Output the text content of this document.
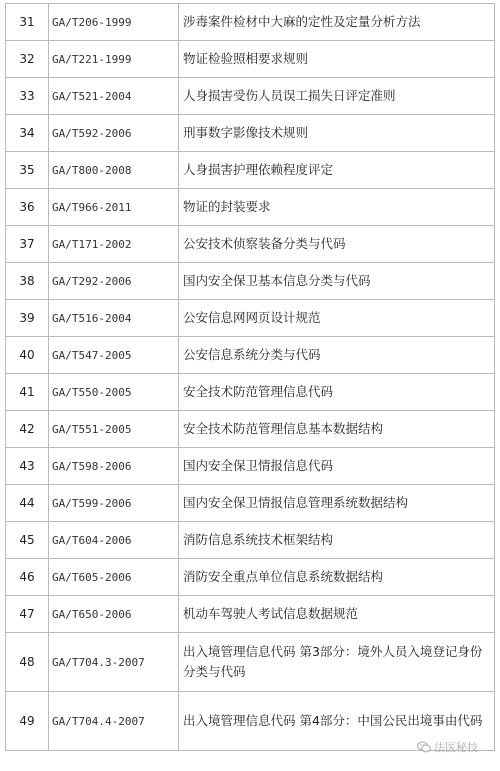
31	GA/T206-1999	涉毒案件检材中大麻的定性及定量分析方法
32	GA/T221-1999	物证检验照相要求规则
33	GA/T521-2004	人身损害受伤人员误工损失日评定准则
34	GA/T592-2006	刑事数字影像技术规则
35	GA/T800-2008	人身损害护理依赖程度评定
36	GA/T966-2011	物证的封装要求
37	GA/T171-2002	公安技术侦察装备分类与代码
38	GA/T292-2006	国内安全保卫基本信息分类与代码
39	GA/T516-2004	公安信息网网页设计规范
40	GA/T547-2005	公安信息系统分类与代码
41	GA/T550-2005	安全技术防范管理信息代码
42	GA/T551-2005	安全技术防范管理信息基本数据结构
43	GA/T598-2006	国内安全保卫情报信息代码
44	GA/T599-2006	国内安全保卫情报信息管理系统数据结构
45	GA/T604-2006	消防信息系统技术框架结构
46	GA/T605-2006	消防安全重点单位信息系统数据结构
47	GA/T650-2006	机动车驾驶人考试信息数据规范
48	GA/T704.3-2007	出入境管理信息代码 第3部分：境外人员入境登记身份分类与代码
49	GA/T704.4-2007	出入境管理信息代码 第4部分：中国公民出境事由代码
法医秘技
